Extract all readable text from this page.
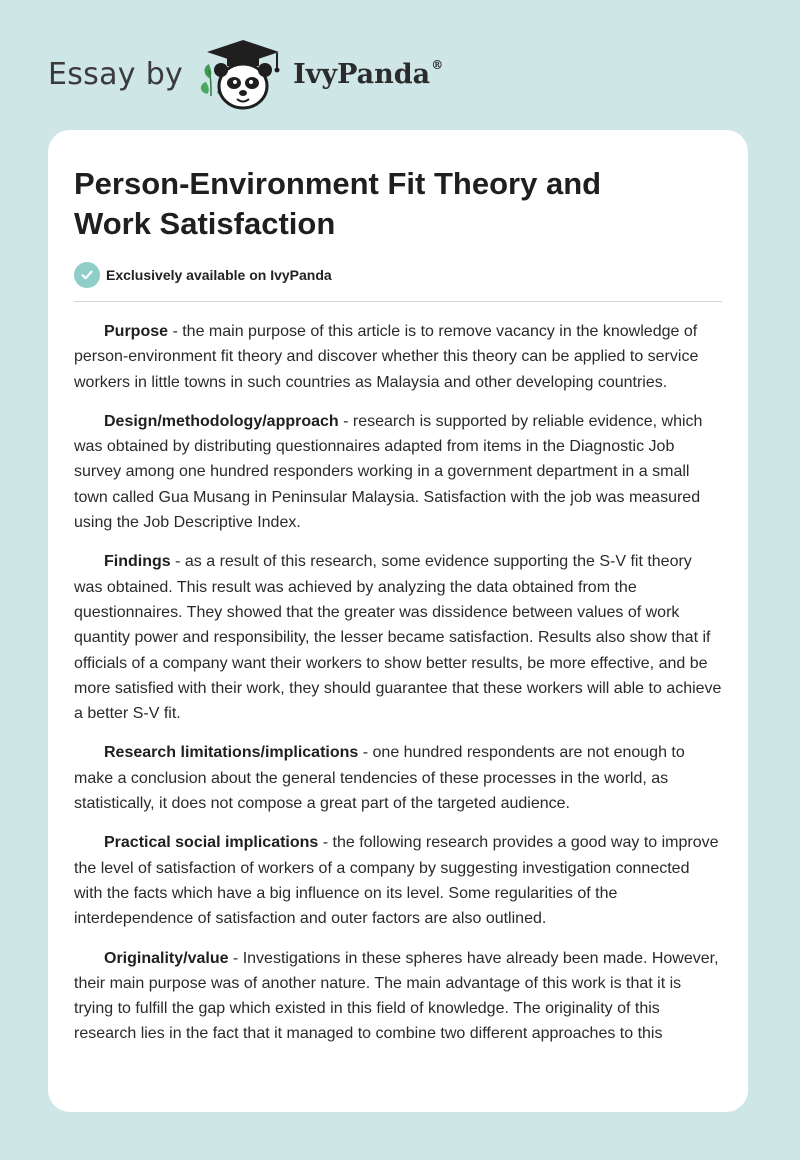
Essay by	IvyPanda®
Person-Environment Fit Theory and Work Satisfaction
Exclusively available on IvyPanda

Purpose - the main purpose of this article is to remove vacancy in the knowledge of person-environment fit theory and discover whether this theory can be applied to service workers in little towns in such countries as Malaysia and other developing countries.

Design/methodology/approach - research is supported by reliable evidence, which was obtained by distributing questionnaires adapted from items in the Diagnostic Job survey among one hundred responders working in a government department in a small town called Gua Musang in Peninsular Malaysia. Satisfaction with the job was measured using the Job Descriptive Index.

Findings - as a result of this research, some evidence supporting the S-V fit theory was obtained. This result was achieved by analyzing the data obtained from the questionnaires. They showed that the greater was dissidence between values of work quantity power and responsibility, the lesser became satisfaction. Results also show that if officials of a company want their workers to show better results, be more effective, and be more satisfied with their work, they should guarantee that these workers will able to achieve a better S-V fit.

Research limitations/implications - one hundred respondents are not enough to make a conclusion about the general tendencies of these processes in the world, as statistically, it does not compose a great part of the targeted audience.

Practical social implications - the following research provides a good way to improve the level of satisfaction of workers of a company by suggesting investigation connected with the facts which have a big influence on its level. Some regularities of the interdependence of satisfaction and outer factors are also outlined.

Originality/value - Investigations in these spheres have already been made. However, their main purpose was of another nature. The main advantage of this work is that it is trying to fulfill the gap which existed in this field of knowledge. The originality of this research lies in the fact that it managed to combine two different approaches to this
